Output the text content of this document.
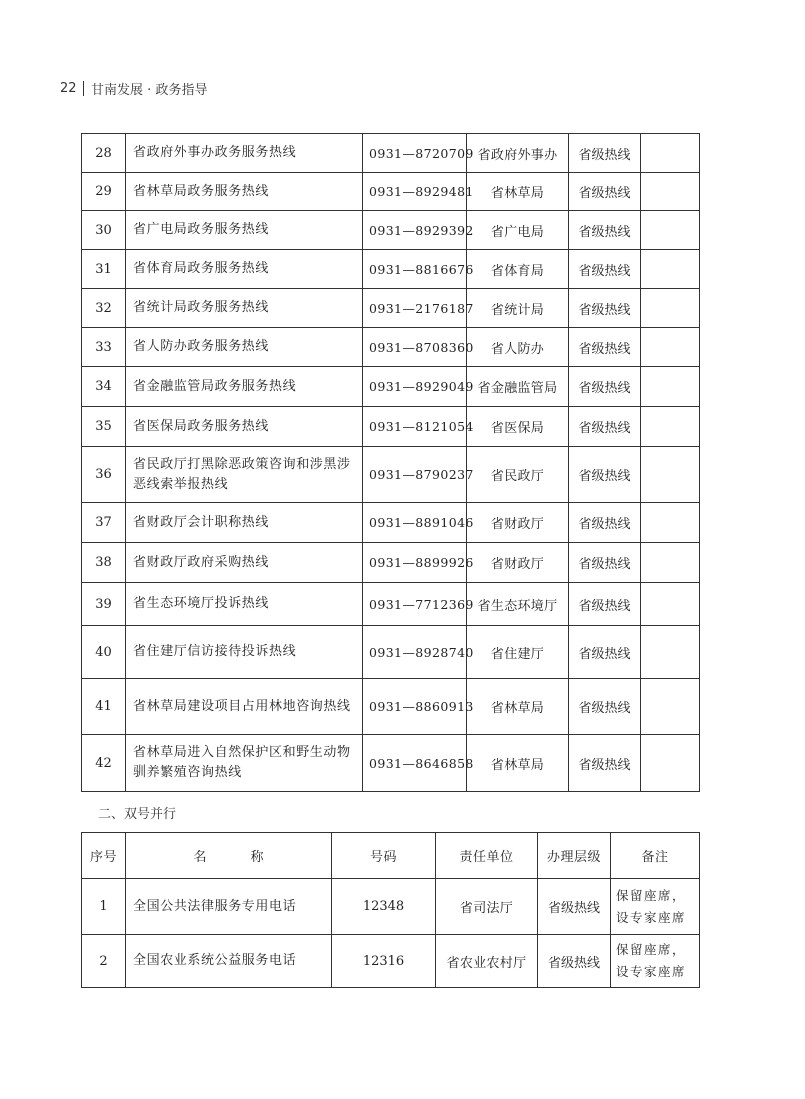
22 甘南发展 · 政务指导
28	省政府外事办政务服务热线	0931—8720709	省政府外事办	省级热线	
29	省林草局政务服务热线	0931—8929481	省林草局	省级热线	
30	省广电局政务服务热线	0931—8929392	省广电局	省级热线	
31	省体育局政务服务热线	0931—8816676	省体育局	省级热线	
32	省统计局政务服务热线	0931—2176187	省统计局	省级热线	
33	省人防办政务服务热线	0931—8708360	省人防办	省级热线	
34	省金融监管局政务服务热线	0931—8929049	省金融监管局	省级热线	
35	省医保局政务服务热线	0931—8121054	省医保局	省级热线	
36	省民政厅打黑除恶政策咨询和涉黑涉恶线索举报热线	0931—8790237	省民政厅	省级热线	
37	省财政厅会计职称热线	0931—8891046	省财政厅	省级热线	
38	省财政厅政府采购热线	0931—8899926	省财政厅	省级热线	
39	省生态环境厅投诉热线	0931—7712369	省生态环境厅	省级热线	
40	省住建厅信访接待投诉热线	0931—8928740	省住建厅	省级热线	
41	省林草局建设项目占用林地咨询热线	0931—8860913	省林草局	省级热线	
42	省林草局进入自然保护区和野生动物驯养繁殖咨询热线	0931—8646858	省林草局	省级热线	
二、双号并行
序号	名称	号码	责任单位	办理层级	备注
1	全国公共法律服务专用电话	12348	省司法厅	省级热线	保留座席，设专家座席
2	全国农业系统公益服务电话	12316	省农业农村厅	省级热线	保留座席，设专家座席
